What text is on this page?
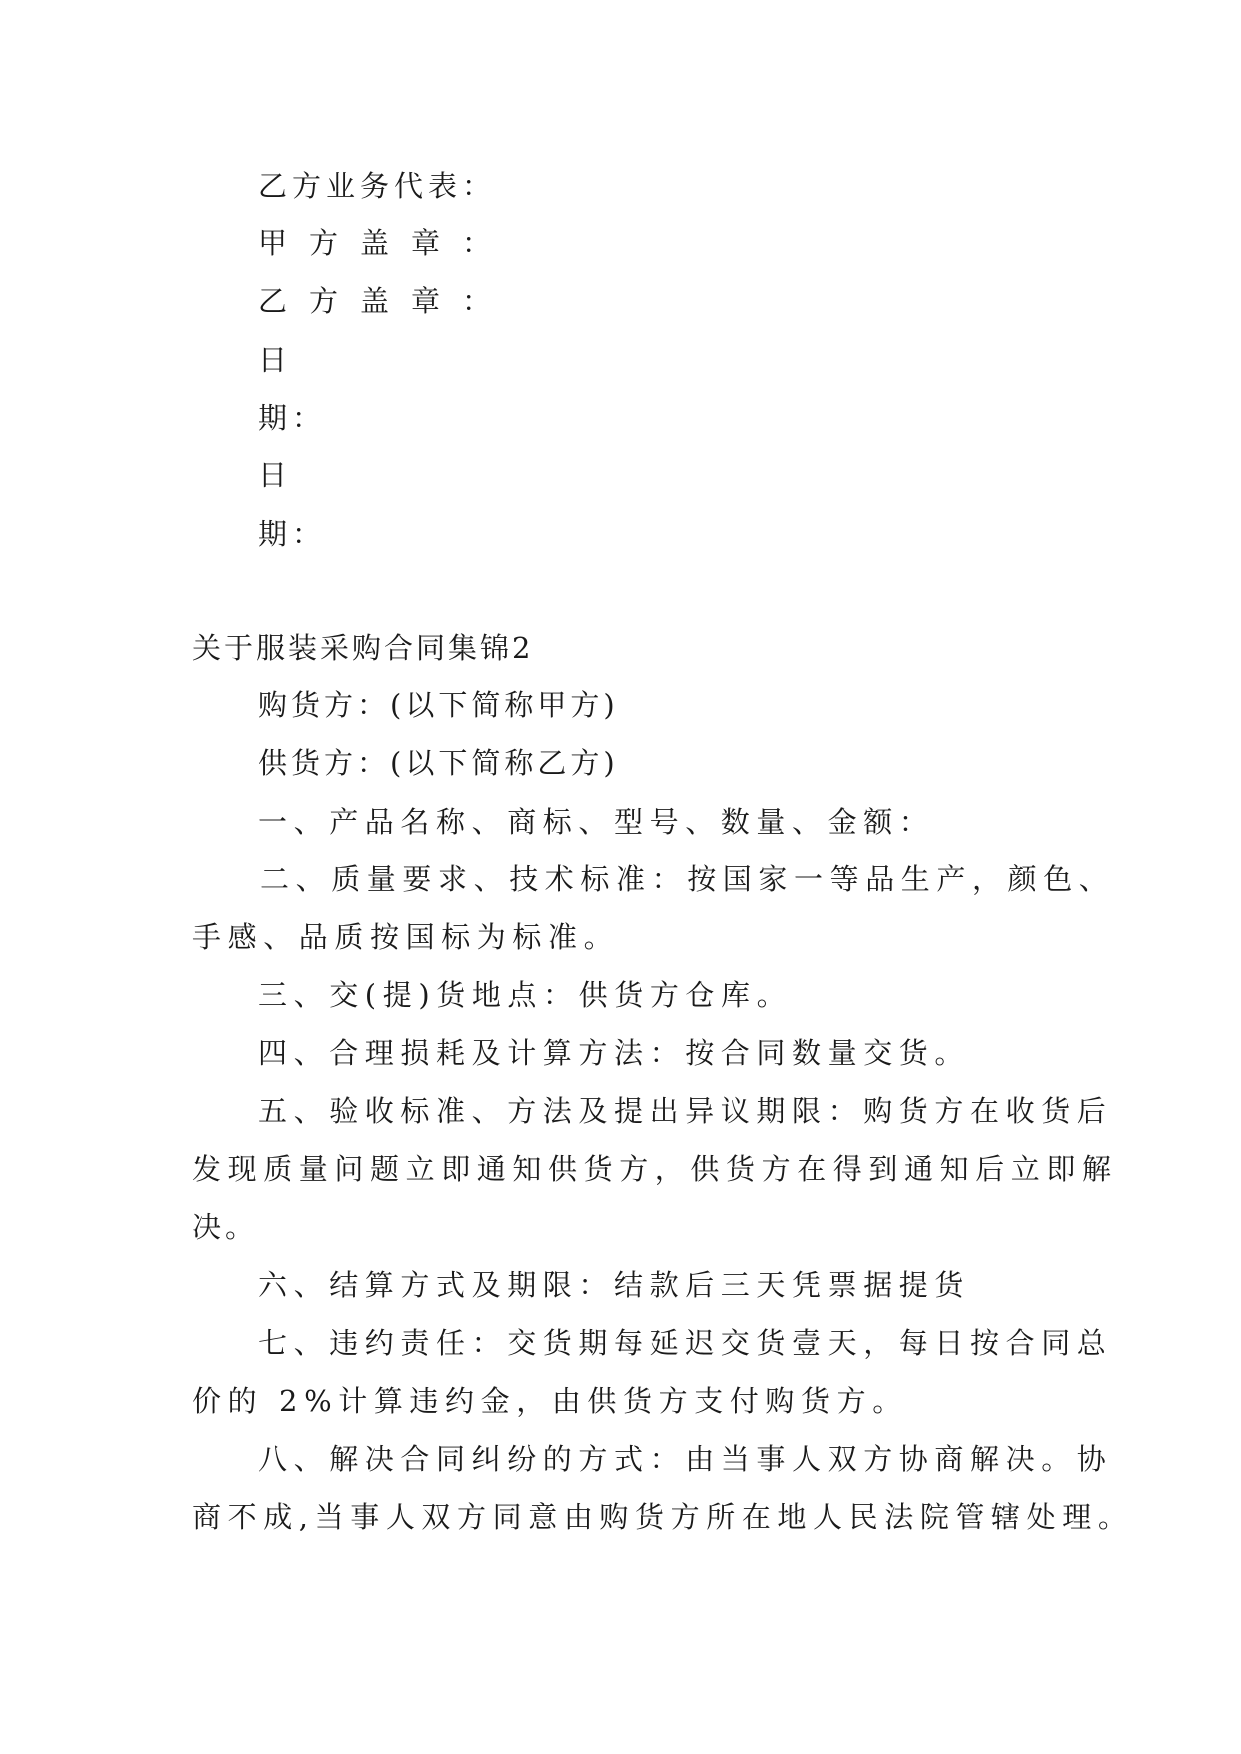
乙方业务代表：
甲方盖章：
乙方盖章：
日
期：
日
期：
关于服装采购合同集锦2
购货方：(以下简称甲方)
供货方：(以下简称乙方)
一、产品名称、商标、型号、数量、金额：
二、质量要求、技术标准：按国家一等品生产，颜色、
手感、品质按国标为标准。
三、交(提)货地点：供货方仓库。
四、合理损耗及计算方法：按合同数量交货。
五、验收标准、方法及提出异议期限：购货方在收货后
发现质量问题立即通知供货方，供货方在得到通知后立即解
决。
六、结算方式及期限：结款后三天凭票据提货
七、违约责任：交货期每延迟交货壹天，每日按合同总
价的 2%计算违约金，由供货方支付购货方。
八、解决合同纠纷的方式：由当事人双方协商解决。协
商不成,当事人双方同意由购货方所在地人民法院管辖处理。
